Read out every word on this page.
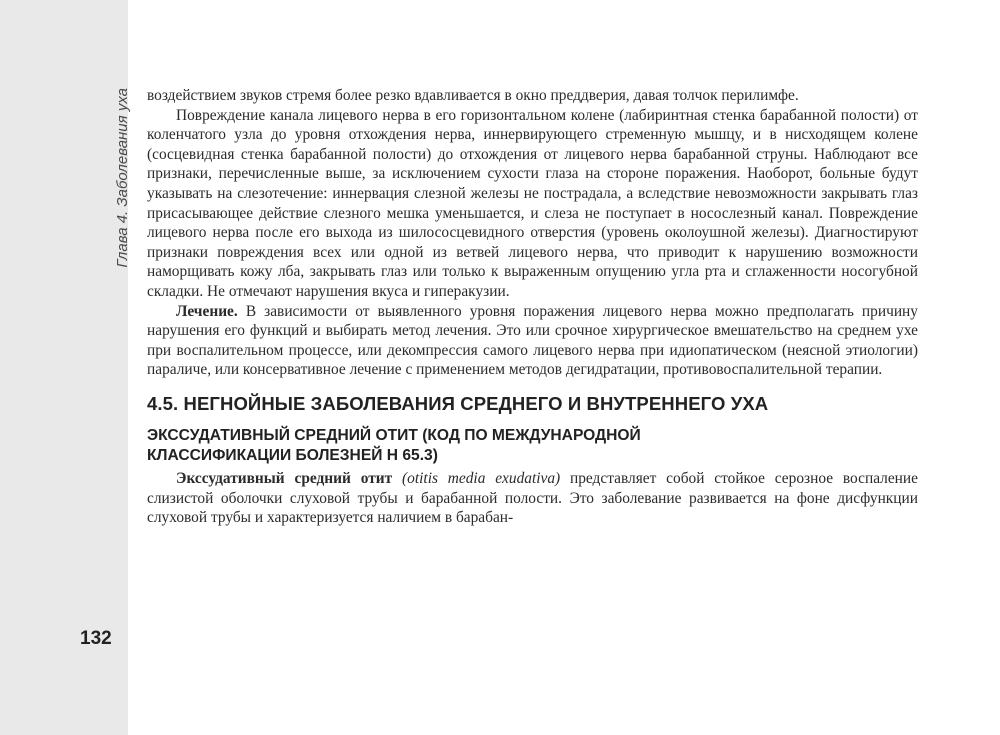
Глава 4. Заболевания уха
132

воздействием звуков стремя более резко вдавливается в окно преддверия, давая толчок перилимфе.

Повреждение канала лицевого нерва в его горизонтальном колене (лабиринтная стенка барабанной полости) от коленчатого узла до уровня отхождения нерва, иннервирующего стременную мышцу, и в нисходящем колене (сосцевидная стенка барабанной полости) до отхождения от лицевого нерва барабанной струны. Наблюдают все признаки, перечисленные выше, за исключением сухости глаза на стороне поражения. Наоборот, больные будут указывать на слезотечение: иннервация слезной железы не пострадала, а вследствие невозможности закрывать глаз присасывающее действие слезного мешка уменьшается, и слеза не поступает в носослезный канал. Повреждение лицевого нерва после его выхода из шилососцевидного отверстия (уровень околоушной железы). Диагностируют признаки повреждения всех или одной из ветвей лицевого нерва, что приводит к нарушению возможности наморщивать кожу лба, закрывать глаз или только к выраженным опущению угла рта и сглаженности носогубной складки. Не отмечают нарушения вкуса и гиперакузии.

Лечение. В зависимости от выявленного уровня поражения лицевого нерва можно предполагать причину нарушения его функций и выбирать метод лечения. Это или срочное хирургическое вмешательство на среднем ухе при воспалительном процессе, или декомпрессия самого лицевого нерва при идиопатическом (неясной этиологии) параличе, или консервативное лечение с применением методов дегидратации, противовоспалительной терапии.

4.5. НЕГНОЙНЫЕ ЗАБОЛЕВАНИЯ СРЕДНЕГО И ВНУТРЕННЕГО УХА
ЭКССУДАТИВНЫЙ СРЕДНИЙ ОТИТ (КОД ПО МЕЖДУНАРОДНОЙ КЛАССИФИКАЦИИ БОЛЕЗНЕЙ H 65.3)

Экссудативный средний отит (otitis media exudativa) представляет собой стойкое серозное воспаление слизистой оболочки слуховой трубы и барабанной полости. Это заболевание развивается на фоне дисфункции слуховой трубы и характеризуется наличием в барабан-
